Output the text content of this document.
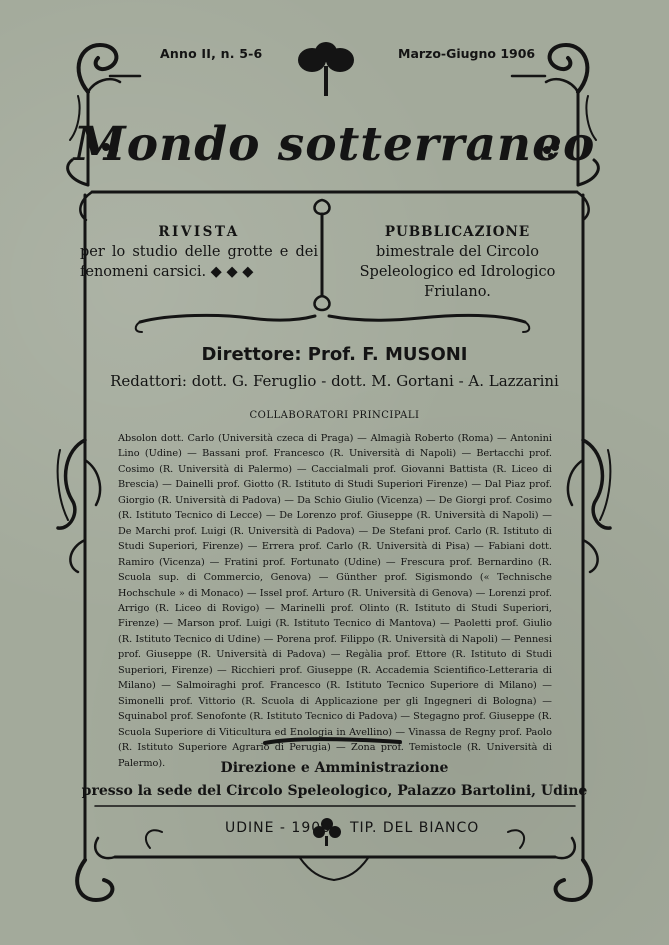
Anno II, n. 5-6	Marzo-Giugno 1906
Mondo sotterraneo
RIVISTA
per lo studio delle grotte e dei fenomeni carsici. ◆ ◆ ◆
PUBBLICAZIONE
bimestrale del Circolo Speleologico ed Idrologico Friulano.
Direttore: Prof. F. MUSONI
Redattori: dott. G. Feruglio - dott. M. Gortani - A. Lazzarini
COLLABORATORI PRINCIPALI
Absolon dott. Carlo (Università czeca di Praga) — Almagià Roberto (Roma) — Antonini Lino (Udine) — Bassani prof. Francesco (R. Università di Napoli) — Bertacchi prof. Cosimo (R. Università di Palermo) — Caccialmali prof. Giovanni Battista (R. Liceo di Brescia) — Dainelli prof. Giotto (R. Istituto di Studi Superiori Firenze) — Dal Piaz prof. Giorgio (R. Università di Padova) — Da Schio Giulio (Vicenza) — De Giorgi prof. Cosimo (R. Istituto Tecnico di Lecce) — De Lorenzo prof. Giuseppe (R. Università di Napoli) — De Marchi prof. Luigi (R. Università di Padova) — De Stefani prof. Carlo (R. Istituto di Studi Superiori, Firenze) — Errera prof. Carlo (R. Università di Pisa) — Fabiani dott. Ramiro (Vicenza) — Fratini prof. Fortunato (Udine) — Frescura prof. Bernardino (R. Scuola sup. di Commercio, Genova) — Günther prof. Sigismondo (« Technische Hochschule » di Monaco) — Issel prof. Arturo (R. Università di Genova) — Lorenzi prof. Arrigo (R. Liceo di Rovigo) — Marinelli prof. Olinto (R. Istituto di Studi Superiori, Firenze) — Marson prof. Luigi (R. Istituto Tecnico di Mantova) — Paoletti prof. Giulio (R. Istituto Tecnico di Udine) — Porena prof. Filippo (R. Università di Napoli) — Pennesi prof. Giuseppe (R. Università di Padova) — Regàlia prof. Ettore (R. Istituto di Studi Superiori, Firenze) — Ricchieri prof. Giuseppe (R. Accademia Scientifico-Letteraria di Milano) — Salmoiraghi prof. Francesco (R. Istituto Tecnico Superiore di Milano) — Simonelli prof. Vittorio (R. Scuola di Applicazione per gli Ingegneri di Bologna) — Squinabol prof. Senofonte (R. Istituto Tecnico di Padova) — Stegagno prof. Giuseppe (R. Scuola Superiore di Viticultura ed Enologia in Avellino) — Vinassa de Regny prof. Paolo (R. Istituto Superiore Agrario di Perugia) — Zona prof. Temistocle (R. Università di Palermo).	Direzione e Amministrazione
presso la sede del Circolo Speleologico, Palazzo Bartolini, Udine
UDINE - 1906 TIP. DEL BIANCO
